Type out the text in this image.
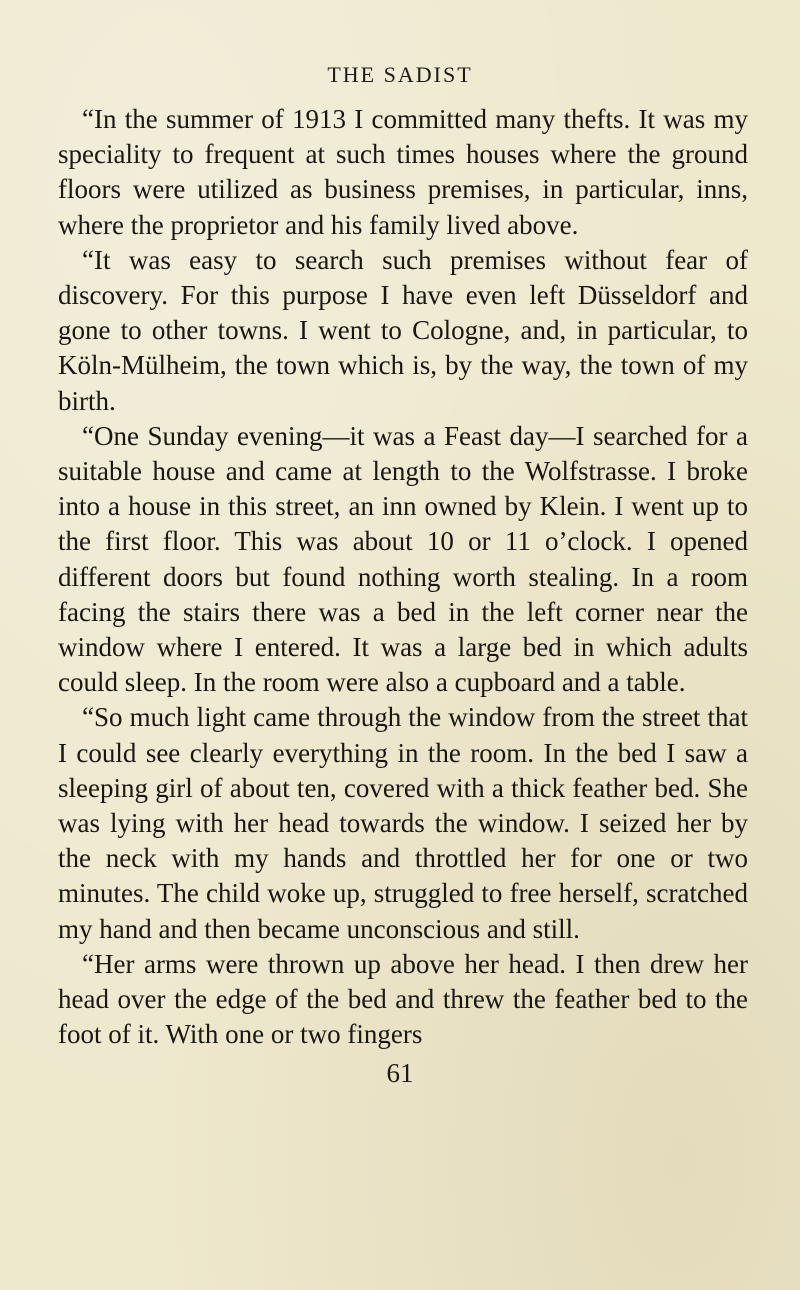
THE SADIST

“In the summer of 1913 I committed many thefts. It was my speciality to frequent at such times houses where the ground floors were utilized as business premises, in particular, inns, where the proprietor and his family lived above.

“It was easy to search such premises without fear of discovery. For this purpose I have even left Düsseldorf and gone to other towns. I went to Cologne, and, in particular, to Köln-Mülheim, the town which is, by the way, the town of my birth.

“One Sunday evening—it was a Feast day—I searched for a suitable house and came at length to the Wolfstrasse. I broke into a house in this street, an inn owned by Klein. I went up to the first floor. This was about 10 or 11 o’clock. I opened different doors but found nothing worth stealing. In a room facing the stairs there was a bed in the left corner near the window where I entered. It was a large bed in which adults could sleep. In the room were also a cupboard and a table.

“So much light came through the window from the street that I could see clearly everything in the room. In the bed I saw a sleeping girl of about ten, covered with a thick feather bed. She was lying with her head towards the window. I seized her by the neck with my hands and throttled her for one or two minutes. The child woke up, struggled to free herself, scratched my hand and then became unconscious and still.

“Her arms were thrown up above her head. I then drew her head over the edge of the bed and threw the feather bed to the foot of it. With one or two fingers

61
